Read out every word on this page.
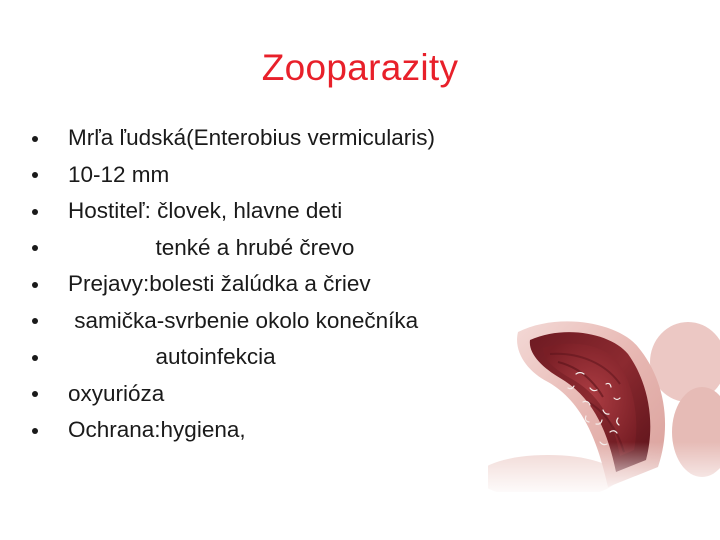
Zooparazity
Mrľa ľudská(Enterobius vermicularis)
10-12 mm
Hostiteľ: človek, hlavne deti
tenké a hrubé črevo
Prejavy:bolesti žalúdka a čriev
samička-svrbenie okolo konečníka
autoinfekcia
oxyurióza
Ochrana:hygiena,
